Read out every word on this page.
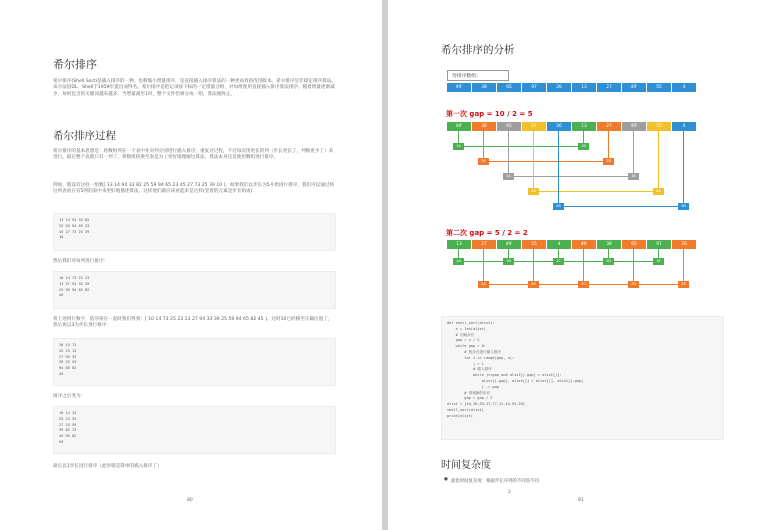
希尔排序

希尔排序(Shell Sort)是插入排序的一种。也称缩小增量排序，是直接插入排序算法的一种更高效的改进版本。希尔排序是非稳定排序算法。该方法因DL．Shell于1959年提出而得名。希尔排序是把记录按下标的一定增量分组，对每组使用直接插入排序算法排序；随着增量逐渐减少，每组包含的关键词越来越多，当增量减至1时，整个文件恰被分成一组，算法便终止。

希尔排序过程

希尔排序的基本思想是：将数组列在一个表中并对列分别进行插入排序，重复这过程，不过每次用更长的列（步长更长了，列数更少了）来进行。最后整个表就只有一列了。将数组转换至表是为了更好地理解这算法，算法本身还是使用数组进行排序。

例如，假设有这样一组数[ 13 14 94 33 82 25 59 94 65 23 45 27 73 25 39 10 ]，如果我们以步长为5开始进行排序，我们可以通过将这列表放在有5列的表中来更好地描述算法，这样他们就应该看起来是这样(竖着的元素是步长组成)：

13 14 94 33 82
25 59 94 65 23
45 27 73 25 39
10

然后我们对每列进行排序：

10 14 73 25 23
13 27 94 33 39
25 59 94 65 82
45

将上述四行数字，依序接在一起时我们得到：[ 10 14 73 25 23 13 27 94 33 39 25 59 94 65 82 45 ]。这时10已经移至正确位置了，然后再以3为步长进行排序：

10 14 73
25 23 13
27 94 33
39 25 59
94 65 82
45

排序之后变为：

10 14 13
25 23 33
27 25 59
39 65 73
45 94 82
94

最后以1步长进行排序（此时就是简单的插入排序了）

80
希尔排序的分析
待排序数组：
49'	38	65	97	26	13	27	49'	55	4
第一次 gap = 10 / 2 = 5
49'	38	65	97	26	13	27	49'	55	4
1A	1B
2A	2B
3A	3B
4A	4B
5A	5B
第二次 gap = 5 / 2 = 2
13	27	49'	55	4	49'	38	65	97	26
1A	1B	1C	1D	1E
2A	2B	2C	2D	2E
def shell_sort(alist):
n = len(alist)
# 初始步长
gap = n / 2
while gap > 0:
# 按步长进行插入排序
for i in range(gap, n):
j = i
# 插入排序
while j>=gap and alist[j-gap] > alist[j]:
alist[j-gap], alist[j] = alist[j], alist[j-gap]
j -= gap
# 得到新的步长
gap = gap / 2
alist = [54,26,93,17,77,31,44,55,20]
shell_sort(alist)
print(alist)
时间复杂度
● 最优时间复杂度：根据步长序列的不同而不同
2
81
